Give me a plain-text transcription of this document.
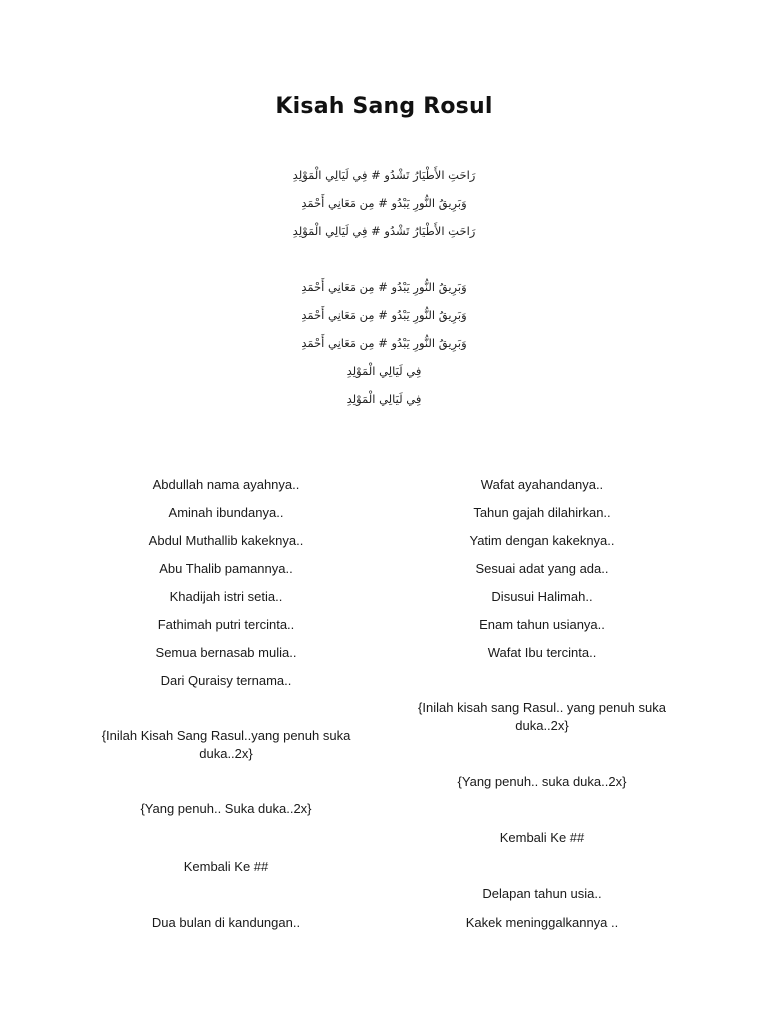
Kisah Sang Rosul
رَاحَتِ الأَطْيَارُ تَشْدُو # فِي لَيَالِي الْمَوْلِدِ
وَبَرِيقُ النُّورِ يَبْدُو # مِن مَعَانِي أَحْمَدِ
رَاحَتِ الأَطْيَارُ تَشْدُو # فِي لَيَالِي الْمَوْلِدِ
وَبَرِيقُ النُّورِ يَبْدُو # مِن مَعَانِي أَحْمَدِ
وَبَرِيقُ النُّورِ يَبْدُو # مِن مَعَانِي أَحْمَدِ
وَبَرِيقُ النُّورِ يَبْدُو # مِن مَعَانِي أَحْمَدِ
فِي لَيَالِي الْمَوْلِدِ
فِي لَيَالِي الْمَوْلِدِ
Abdullah nama ayahnya..
Aminah ibundanya..
Abdul Muthallib kakeknya..
Abu Thalib pamannya..
Khadijah istri setia..
Fathimah putri tercinta..
Semua bernasab mulia..
Dari Quraisy ternama..
{Inilah Kisah Sang Rasul..yang penuh suka duka..2x}
{Yang penuh.. Suka duka..2x}
Kembali Ke ##
Dua bulan di kandungan..
Wafat ayahandanya..
Tahun gajah dilahirkan..
Yatim dengan kakeknya..
Sesuai adat yang ada..
Disusui Halimah..
Enam tahun usianya..
Wafat Ibu tercinta..
{Inilah kisah sang Rasul.. yang penuh suka duka..2x}
{Yang penuh.. suka duka..2x}
Kembali Ke ##
Delapan tahun usia..
Kakek meninggalkannya ..
